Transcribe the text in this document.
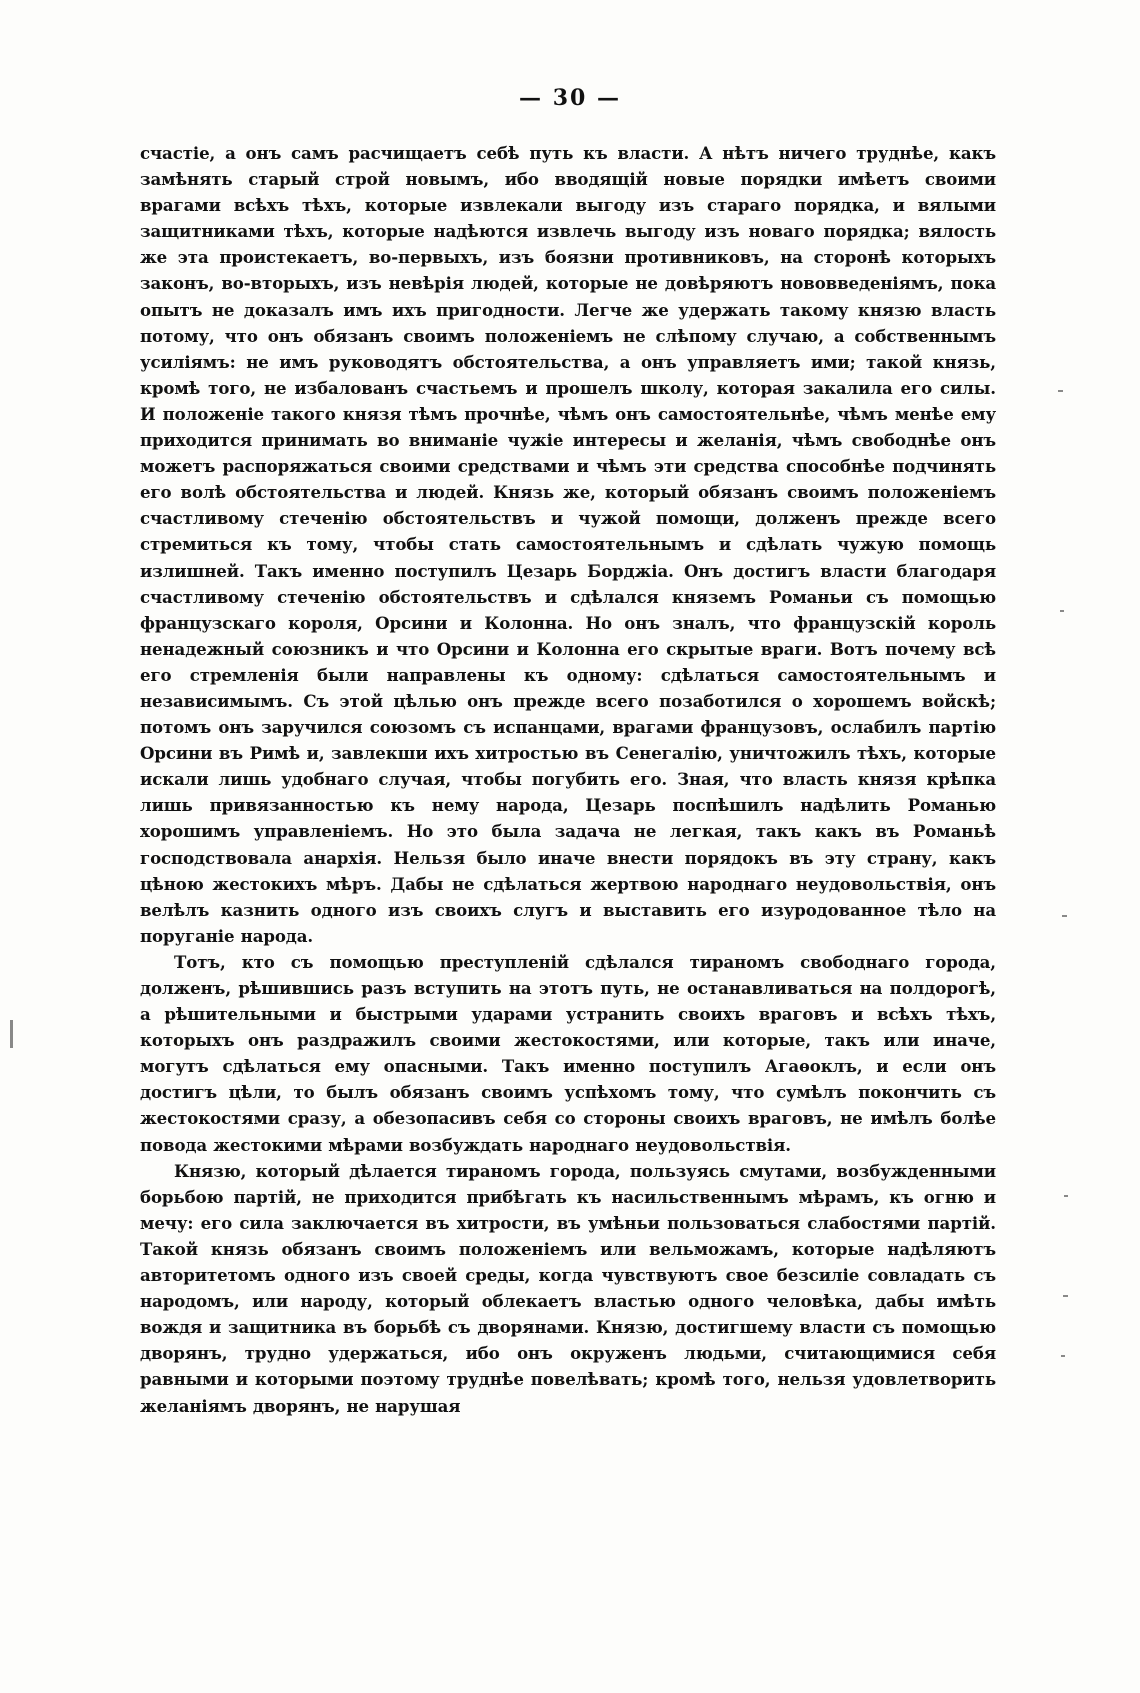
— 30 —

счастіе, а онъ самъ расчищаетъ себѣ путь къ власти. А нѣтъ ничего труднѣе, какъ замѣнять старый строй новымъ, ибо вводящій новые порядки имѣетъ своими врагами всѣхъ тѣхъ, которые извлекали выгоду изъ стараго порядка, и вялыми защитниками тѣхъ, которые надѣются извлечь выгоду изъ новаго порядка; вялость же эта проистекаетъ, во-первыхъ, изъ боязни противниковъ, на сторонѣ которыхъ законъ, во-вторыхъ, изъ невѣрія людей, которые не довѣряютъ нововведеніямъ, пока опытъ не доказалъ имъ ихъ пригодности. Легче же удержать такому князю власть потому, что онъ обязанъ своимъ положеніемъ не слѣпому случаю, а собственнымъ усиліямъ: не имъ руководятъ обстоятельства, а онъ управляетъ ими; такой князь, кромѣ того, не избалованъ счастьемъ и прошелъ школу, которая закалила его силы. И положеніе такого князя тѣмъ прочнѣе, чѣмъ онъ самостоятельнѣе, чѣмъ менѣе ему приходится принимать во вниманіе чужіе интересы и желанія, чѣмъ свободнѣе онъ можетъ распоряжаться своими средствами и чѣмъ эти средства способнѣе подчинять его волѣ обстоятельства и людей. Князь же, который обязанъ своимъ положеніемъ счастливому стеченію обстоятельствъ и чужой помощи, долженъ прежде всего стремиться къ тому, чтобы стать самостоятельнымъ и сдѣлать чужую помощь излишней. Такъ именно поступилъ Цезарь Борджіа. Онъ достигъ власти благодаря счастливому стеченію обстоятельствъ и сдѣлался княземъ Романьи съ помощью французскаго короля, Орсини и Колонна. Но онъ зналъ, что французскій король ненадежный союзникъ и что Орсини и Колонна его скрытые враги. Вотъ почему всѣ его стремленія были направлены къ одному: сдѣлаться самостоятельнымъ и независимымъ. Съ этой цѣлью онъ прежде всего позаботился о хорошемъ войскѣ; потомъ онъ заручился союзомъ съ испанцами, врагами французовъ, ослабилъ партію Орсини въ Римѣ и, завлекши ихъ хитростью въ Сенегалію, уничтожилъ тѣхъ, которые искали лишь удобнаго случая, чтобы погубить его. Зная, что власть князя крѣпка лишь привязанностью къ нему народа, Цезарь поспѣшилъ надѣлить Романью хорошимъ управленіемъ. Но это была задача не легкая, такъ какъ въ Романьѣ господствовала анархія. Нельзя было иначе внести порядокъ въ эту страну, какъ цѣною жестокихъ мѣръ. Дабы не сдѣлаться жертвою народнаго неудовольствія, онъ велѣлъ казнить одного изъ своихъ слугъ и выставить его изуродованное тѣло на поруганіе народа.

Тотъ, кто съ помощью преступленій сдѣлался тираномъ свободнаго города, долженъ, рѣшившись разъ вступить на этотъ путь, не останавливаться на полдорогѣ, а рѣшительными и быстрыми ударами устранить своихъ враговъ и всѣхъ тѣхъ, которыхъ онъ раздражилъ своими жестокостями, или которые, такъ или иначе, могутъ сдѣлаться ему опасными. Такъ именно поступилъ Агаѳоклъ, и если онъ достигъ цѣли, то былъ обязанъ своимъ успѣхомъ тому, что сумѣлъ покончить съ жестокостями сразу, а обезопасивъ себя со стороны своихъ враговъ, не имѣлъ болѣе повода жестокими мѣрами возбуждать народнаго неудовольствія.

Князю, который дѣлается тираномъ города, пользуясь смутами, возбужденными борьбою партій, не приходится прибѣгать къ насильственнымъ мѣрамъ, къ огню и мечу: его сила заключается въ хитрости, въ умѣньи пользоваться слабостями партій. Такой князь обязанъ своимъ положеніемъ или вельможамъ, которые надѣляютъ авторитетомъ одного изъ своей среды, когда чувствуютъ свое безсиліе совладать съ народомъ, или народу, который облекаетъ властью одного человѣка, дабы имѣть вождя и защитника въ борьбѣ съ дворянами. Князю, достигшему власти съ помощью дворянъ, трудно удержаться, ибо онъ окруженъ людьми, считающимися себя равными и которыми поэтому труднѣе повелѣвать; кромѣ того, нельзя удовлетворить желаніямъ дворянъ, не нарушая
